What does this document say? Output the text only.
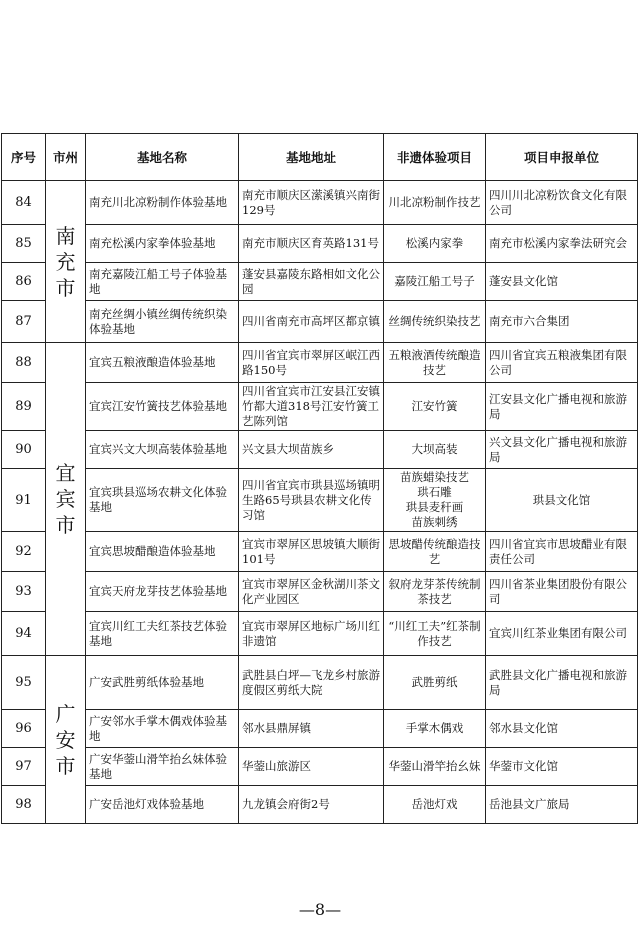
序号	市州	基地名称	基地地址	非遗体验项目	项目申报单位
84	南充市	南充川北凉粉制作体验基地	南充市顺庆区潆溪镇兴南街129号	川北凉粉制作技艺	四川川北凉粉饮食文化有限公司
85		南充松溪内家拳体验基地	南充市顺庆区育英路131号	松溪内家拳	南充市松溪内家拳法研究会
86		南充嘉陵江船工号子体验基地	蓬安县嘉陵东路相如文化公园	嘉陵江船工号子	蓬安县文化馆
87		南充丝绸小镇丝绸传统织染体验基地	四川省南充市高坪区都京镇	丝绸传统织染技艺	南充市六合集团
88	宜宾市	宜宾五粮液酿造体验基地	四川省宜宾市翠屏区岷江西路150号	五粮液酒传统酿造技艺	四川省宜宾五粮液集团有限公司
89		宜宾江安竹簧技艺体验基地	四川省宜宾市江安县江安镇竹都大道318号江安竹簧工艺陈列馆	江安竹簧	江安县文化广播电视和旅游局
90		宜宾兴文大坝高装体验基地	兴文县大坝苗族乡	大坝高装	兴文县文化广播电视和旅游局
91		宜宾珙县巡场农耕文化体验基地	四川省宜宾市珙县巡场镇明生路65号珙县农耕文化传习馆	苗族蜡染技艺
珙石雕
珙县麦秆画
苗族刺绣	珙县文化馆
92		宜宾思坡醋酿造体验基地	宜宾市翠屏区思坡镇大顺街101号	思坡醋传统酿造技艺	四川省宜宾市思坡醋业有限责任公司
93		宜宾天府龙芽技艺体验基地	宜宾市翠屏区金秋湖川茶文化产业园区	叙府龙芽茶传统制茶技艺	四川省茶业集团股份有限公司
94		宜宾川红工夫红茶技艺体验基地	宜宾市翠屏区地标广场川红非遗馆	“川红工夫”红茶制作技艺	宜宾川红茶业集团有限公司
95	广安市	广安武胜剪纸体验基地	武胜县白坪—飞龙乡村旅游度假区剪纸大院	武胜剪纸	武胜县文化广播电视和旅游局
96		广安邻水手掌木偶戏体验基地	邻水县鼎屏镇	手掌木偶戏	邻水县文化馆
97		广安华蓥山滑竿抬幺妹体验基地	华蓥山旅游区	华蓥山滑竿抬幺妹	华蓥市文化馆
98		广安岳池灯戏体验基地	九龙镇会府街2号	岳池灯戏	岳池县文广旅局
—8—
